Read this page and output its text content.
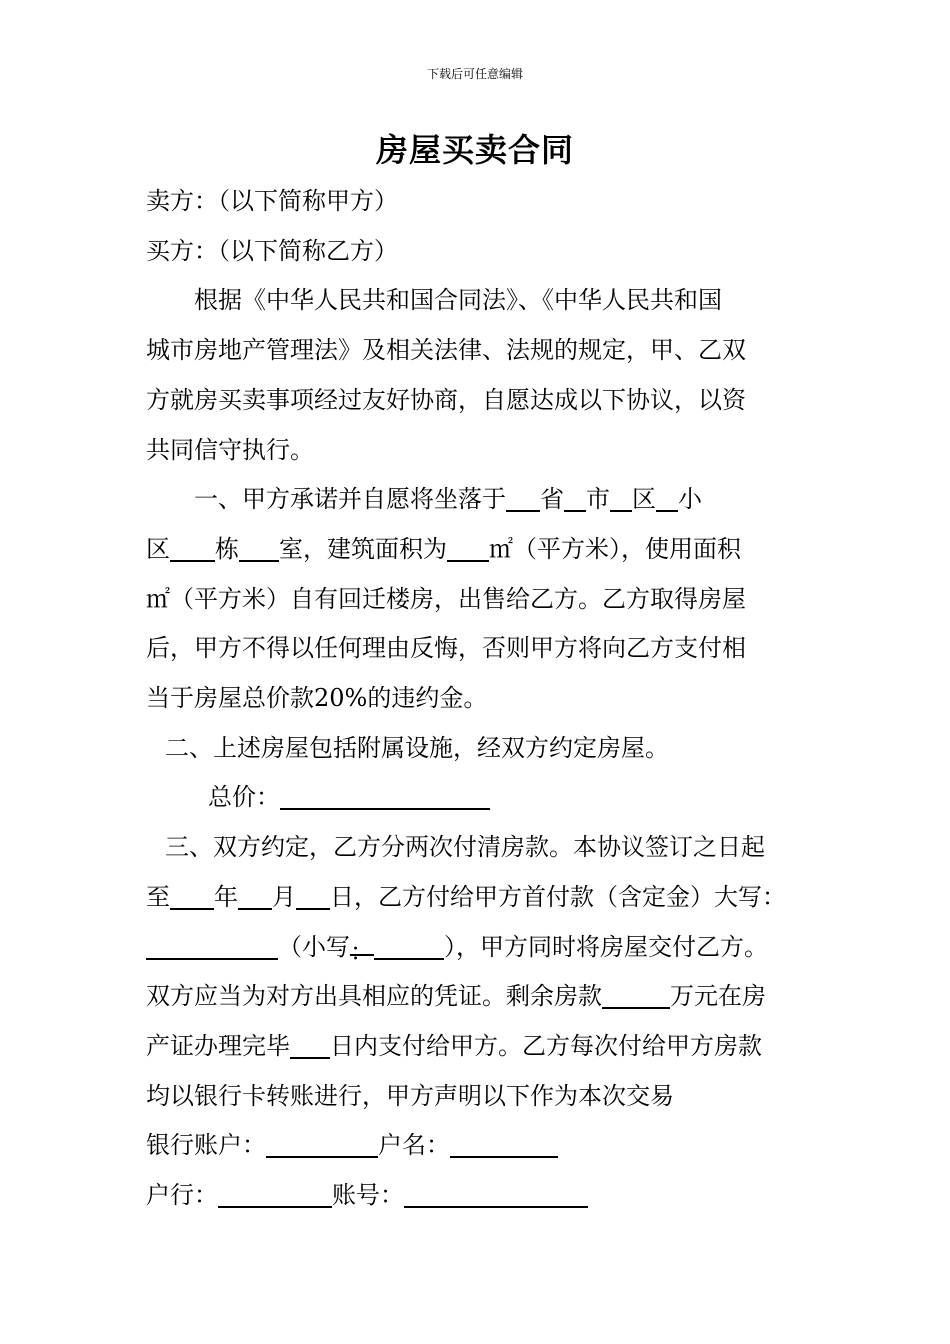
下载后可任意编辑
房屋买卖合同

卖方：（以下简称甲方）

买方：（以下简称乙方）

根据《中华人民共和国合同法》、《中华人民共和国

城市房地产管理法》及相关法律、法规的规定，甲、乙双

方就房买卖事项经过友好协商，自愿达成以下协议，以资

共同信守执行。

一、甲方承诺并自愿将坐落于 省 市 区 小

区 栋 室，建筑面积为 ㎡（平方米），使用面积

㎡（平方米）自有回迁楼房，出售给乙方。乙方取得房屋

后，甲方不得以任何理由反悔，否则甲方将向乙方支付相

当于房屋总价款20%的违约金。

二、上述房屋包括附属设施，经双方约定房屋。

总价：

三、双方约定，乙方分两次付清房款。本协议签订之日起

至 年 月 日，乙方付给甲方首付款（含定金）大写：

（小写：	），甲方同时将房屋交付乙方。

双方应当为对方出具相应的凭证。剩余房款	万元在房

产证办理完毕 日内支付给甲方。乙方每次付给甲方房款

均以银行卡转账进行，甲方声明以下作为本次交易

银行账户：	户名：

户行：	账号：
